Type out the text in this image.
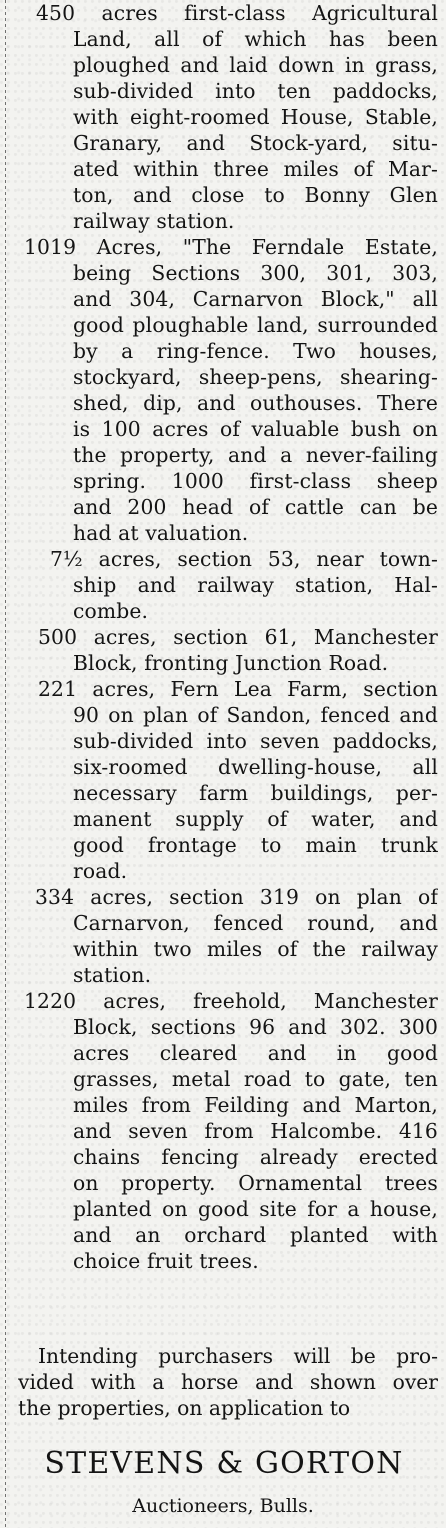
450 acres first-class Agricultural
Land, all of which has been
ploughed and laid down in grass,
sub-divided into ten paddocks,
with eight-roomed House, Stable,
Granary, and Stock-yard, situ-
ated within three miles of Mar-
ton, and close to Bonny Glen
railway station.
1019 Acres, "The Ferndale Estate,
being Sections 300, 301, 303,
and 304, Carnarvon Block," all
good ploughable land, surrounded
by a ring-fence. Two houses,
stockyard, sheep-pens, shearing-
shed, dip, and outhouses. There
is 100 acres of valuable bush on
the property, and a never-failing
spring. 1000 first-class sheep
and 200 head of cattle can be
had at valuation.
7½ acres, section 53, near town-
ship and railway station, Hal-
combe.
500 acres, section 61, Manchester
Block, fronting Junction Road.
221 acres, Fern Lea Farm, section
90 on plan of Sandon, fenced and
sub-divided into seven paddocks,
six-roomed dwelling-house, all
necessary farm buildings, per-
manent supply of water, and
good frontage to main trunk
road.
334 acres, section 319 on plan of
Carnarvon, fenced round, and
within two miles of the railway
station.
1220 acres, freehold, Manchester
Block, sections 96 and 302. 300
acres cleared and in good
grasses, metal road to gate, ten
miles from Feilding and Marton,
and seven from Halcombe. 416
chains fencing already erected
on property. Ornamental trees
planted on good site for a house,
and an orchard planted with
choice fruit trees.
Intending purchasers will be pro-
vided with a horse and shown over
the properties, on application to
STEVENS & GORTON
Auctioneers, Bulls.
